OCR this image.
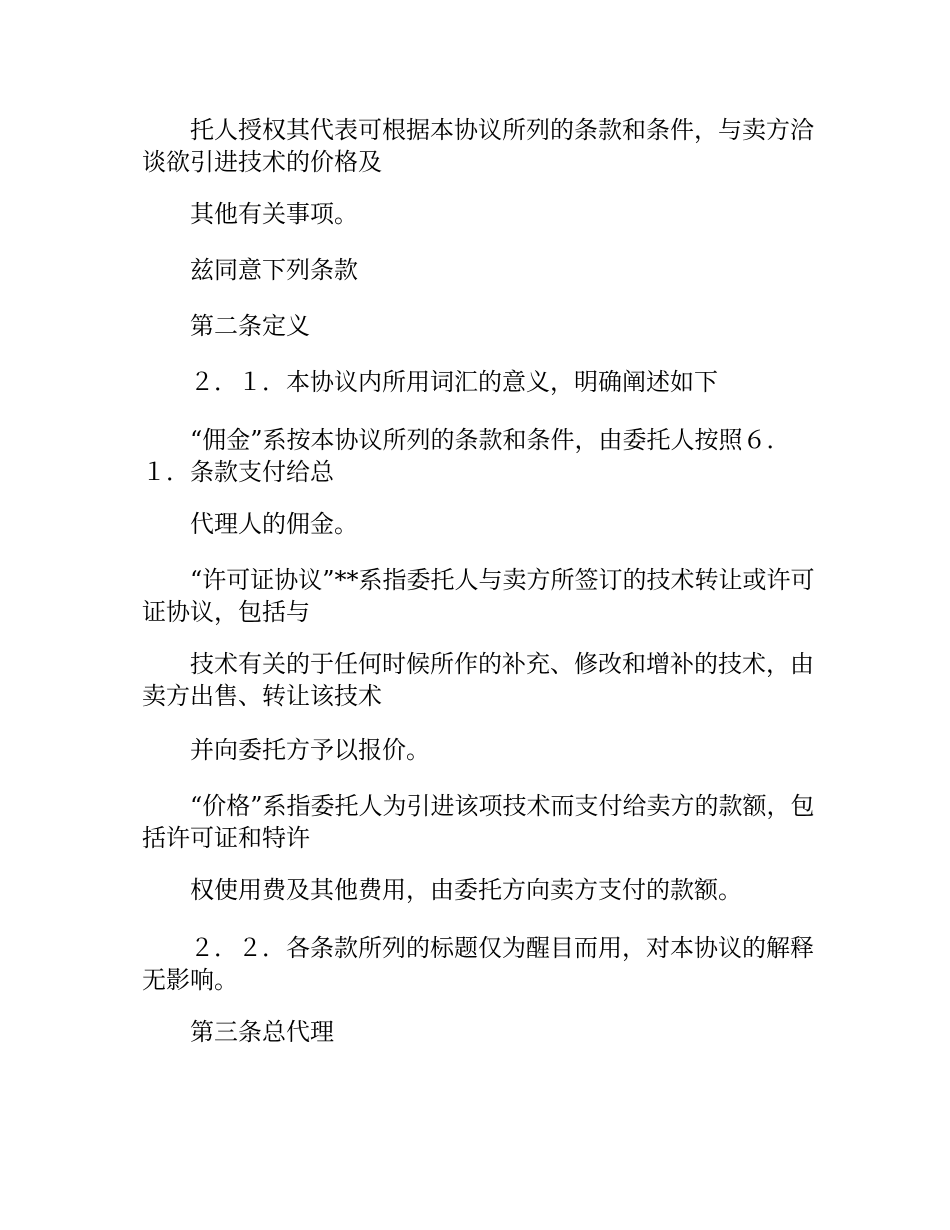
托人授权其代表可根据本协议所列的条款和条件，与卖方洽谈欲引进技术的价格及

其他有关事项。

兹同意下列条款

第二条定义

２．１．本协议内所用词汇的意义，明确阐述如下

“佣金”系按本协议所列的条款和条件，由委托人按照６．１．条款支付给总

代理人的佣金。

“许可证协议”**系指委托人与卖方所签订的技术转让或许可证协议，包括与

技术有关的于任何时候所作的补充、修改和增补的技术，由卖方出售、转让该技术

并向委托方予以报价。

“价格”系指委托人为引进该项技术而支付给卖方的款额，包括许可证和特许

权使用费及其他费用，由委托方向卖方支付的款额。

２．２．各条款所列的标题仅为醒目而用，对本协议的解释无影响。

第三条总代理
